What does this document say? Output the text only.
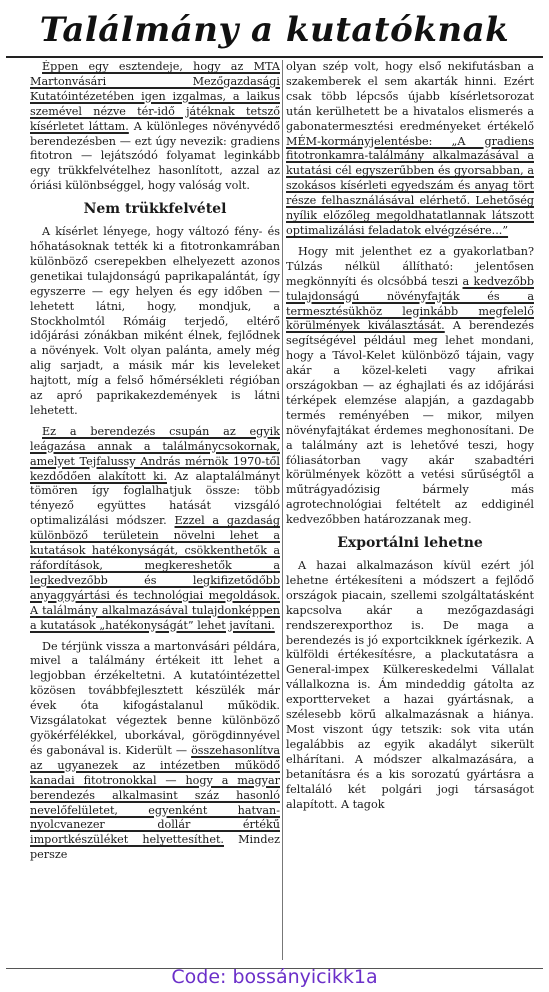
Találmány a kutatóknak

Éppen egy esztendeje, hogy az MTA Martonvásári Mezőgazdasági Kutatóintézetében igen izgalmas, a laikus szemével nézve tér-idő játéknak tetsző kísérletet láttam. A különleges növényvédő berendezésben — ezt úgy nevezik: gradiens fitotron — lejátszódó folyamat leginkább egy trükkfelvételhez hasonlított, azzal az óriási különbséggel, hogy valóság volt.

Nem trükkfelvétel

A kísérlet lényege, hogy változó fény- és hőhatásoknak tették ki a fitotronkamrában különböző cserepekben elhelyezett azonos genetikai tulajdonságú paprikapalántát, így egyszerre — egy helyen és egy időben — lehetett látni, hogy, mondjuk, a Stockholmtól Rómáig terjedő, eltérő időjárási zónákban miként élnek, fejlődnek a növények. Volt olyan palánta, amely még alig sarjadt, a másik már kis leveleket hajtott, míg a felső hőmérsékleti régióban az apró paprikakezdemények is látni lehetett.

Ez a berendezés csupán az egyik leágazása annak a találmánycsokornak, amelyet Tejfalussy András mérnök 1970-től kezdődően alakított ki. Az alaptalálmányt tömören így foglalhatjuk össze: több tényező együttes hatását vizsgáló optimalizálási módszer. Ezzel a gazdaság különböző területein növelni lehet a kutatások hatékonyságát, csökkenthetők a ráfordítások, megkereshetők a legkedvezőbb és legkifizetődőbb anyaggyártási és technológiai megoldások. A találmány alkalmazásával tulajdonképpen a kutatások „hatékonyságát” lehet javítani.

De térjünk vissza a martonvásári példára, mivel a találmány értékeit itt lehet a legjobban érzékeltetni. A kutatóintézettel közösen továbbfejlesztett készülék már évek óta kifogástalanul működik. Vizsgálatokat végeztek benne különböző gyökérfélékkel, uborkával, görögdinnyével és gabonával is. Kiderült — összehasonlítva az ugyanezek az intézetben működő kanadai fitotronokkal — hogy a magyar berendezés alkalmasint száz hasonló nevelőfelületet, egyenként hatvan-nyolcvanezer dollár értékű importkészüléket helyettesíthet. Mindez persze

olyan szép volt, hogy első nekifutásban a szakemberek el sem akarták hinni. Ezért csak több lépcsős újabb kísérletsorozat után kerülhetett be a hivatalos elismerés a gabonatermesztési eredményeket értékelő MÉM-kormányjelentésbe: „A gradiens fitotronkamra-találmány alkalmazásával a kutatási cél egyszerűbben és gyorsabban, a szokásos kísérleti egyedszám és anyag tört része felhasználásával elérhető. Lehetőség nyílik előzőleg megoldhatatlannak látszott optimalizálási feladatok elvégzésére...”

Hogy mit jelenthet ez a gyakorlatban? Túlzás nélkül állítható: jelentősen megkönnyíti és olcsóbbá teszi a kedvezőbb tulajdonságú növényfajták és a termesztésükhöz leginkább megfelelő körülmények kiválasztását. A berendezés segítségével például meg lehet mondani, hogy a Távol-Kelet különböző tájain, vagy akár a közel-keleti vagy afrikai országokban — az éghajlati és az időjárási térképek elemzése alapján, a gazdagabb termés reményében — mikor, milyen növényfajtákat érdemes meghonosítani. De a találmány azt is lehetővé teszi, hogy fóliasátorban vagy akár szabadtéri körülmények között a vetési sűrűségtől a műtrágyadózisig bármely más agrotechnológiai feltételt az eddiginél kedvezőbben határozzanak meg.

Exportálni lehetne

A hazai alkalmazáson kívül ezért jól lehetne értékesíteni a módszert a fejlődő országok piacain, szellemi szolgáltatásként kapcsolva akár a mezőgazdasági rendszerexporthoz is. De maga a berendezés is jó exportcikknek ígérkezik. A külföldi értékesítésre, a plackutatásra a General-impex Külkereskedelmi Vállalat vállalkozna is. Ám mindeddig gátolta az exportterveket a hazai gyártásnak, a szélesebb körű alkalmazásnak a hiánya. Most viszont úgy tetszik: sok vita után legalábbis az egyik akadályt sikerült elhárítani. A módszer alkalmazására, a betanításra és a kis sorozatú gyártásra a feltaláló két polgári jogi társaságot alapított. A tagok

Code: bossányicikk1a
